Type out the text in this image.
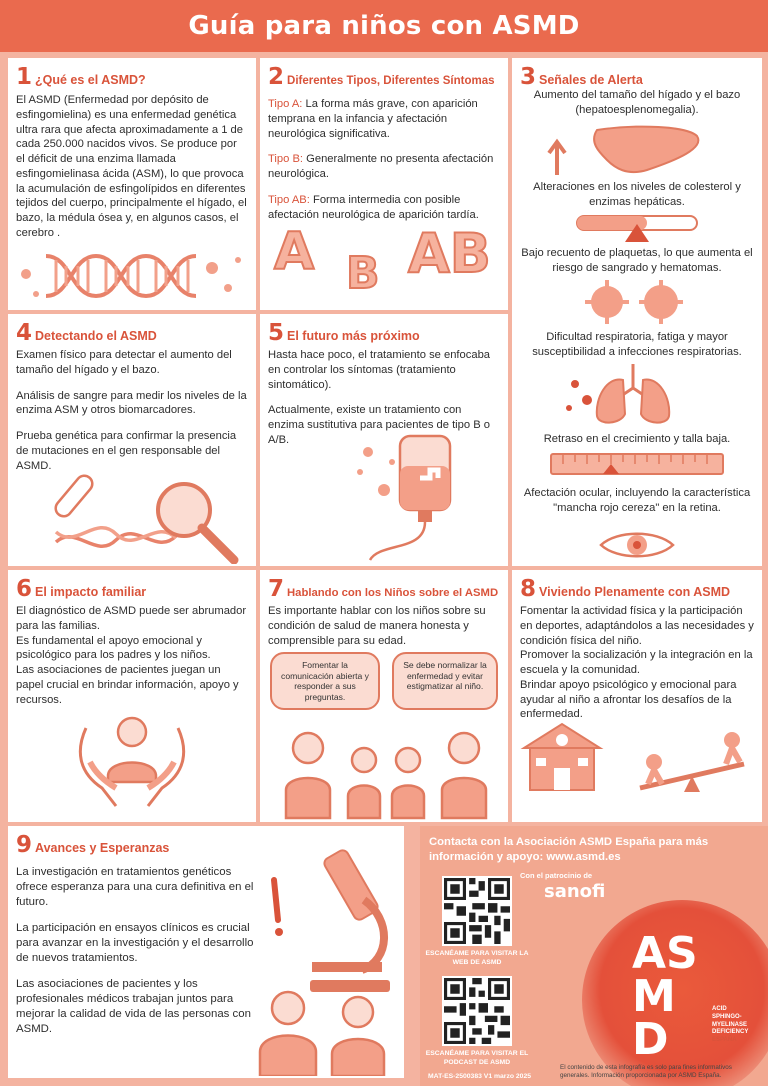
Guía para niños con ASMD
1 ¿Qué es el ASMD?
El ASMD (Enfermedad por depósito de esfingomielina) es una enfermedad genética ultra rara que afecta aproximadamente a 1 de cada 250.000 nacidos vivos. Se produce por el déficit de una enzima llamada esfingomielinasa ácida (ASM), lo que provoca la acumulación de esfingolípidos en diferentes tejidos del cuerpo, principalmente el hígado, el bazo, la médula ósea y, en algunos casos, el cerebro .
2 Diferentes Tipos, Diferentes Síntomas

Tipo A: La forma más grave, con aparición temprana en la infancia y afectación neurológica significativa.

Tipo B: Generalmente no presenta afectación neurológica.

Tipo AB: Forma intermedia con posible afectación neurológica de aparición tardía.

A B AB
3 Señales de Alerta
Aumento del tamaño del hígado y el bazo (hepatoesplenomegalia).
Alteraciones en los niveles de colesterol y enzimas hepáticas.
Bajo recuento de plaquetas, lo que aumenta el riesgo de sangrado y hematomas.
Dificultad respiratoria, fatiga y mayor susceptibilidad a infecciones respiratorias.
Retraso en el crecimiento y talla baja.
Afectación ocular, incluyendo la característica "mancha rojo cereza" en la retina.
4 Detectando el ASMD

Examen físico para detectar el aumento del tamaño del hígado y el bazo.

Análisis de sangre para medir los niveles de la enzima ASM y otros biomarcadores.

Prueba genética para confirmar la presencia de mutaciones en el gen responsable del ASMD.

5 El futuro más próximo

Hasta hace poco, el tratamiento se enfocaba en controlar los síntomas (tratamiento sintomático).

Actualmente, existe un tratamiento con enzima sustitutiva para pacientes de tipo B o A/B.

6 El impacto familiar
El diagnóstico de ASMD puede ser abrumador para las familias.
Es fundamental el apoyo emocional y psicológico para los padres y los niños.
Las asociaciones de pacientes juegan un papel crucial en brindar información, apoyo y recursos.
7 Hablando con los Niños sobre el ASMD
Es importante hablar con los niños sobre su condición de salud de manera honesta y comprensible para su edad.
Fomentar la comunicación abierta y responder a sus preguntas.
Se debe normalizar la enfermedad y evitar estigmatizar al niño.
8 Viviendo Plenamente con ASMD
Fomentar la actividad física y la participación en deportes, adaptándolos a las necesidades y condición física del niño.
Promover la socialización y la integración en la escuela y la comunidad.
Brindar apoyo psicológico y emocional para ayudar al niño a afrontar los desafíos de la enfermedad.
9 Avances y Esperanzas

La investigación en tratamientos genéticos ofrece esperanza para una cura definitiva en el futuro.

La participación en ensayos clínicos es crucial para avanzar en la investigación y el desarrollo de nuevos tratamientos.

Las asociaciones de pacientes y los profesionales médicos trabajan juntos para mejorar la calidad de vida de las personas con ASMD.

Contacta con la Asociación ASMD España para más información y apoyo: www.asmd.es
Con el patrocinio de
sanofi
ESCANÉAME PARA VISITAR LA WEB DE ASMD
ESCANÉAME PARA VISITAR EL PODCAST DE ASMD
MAT-ES-2500383 V1 marzo 2025
ASMD
ACID
SPHINGO-
MYELINASE
DEFICIENCY
ESPAÑA
El contenido de esta infografía es solo para fines informativos generales. Información proporcionada por ASMD España.
